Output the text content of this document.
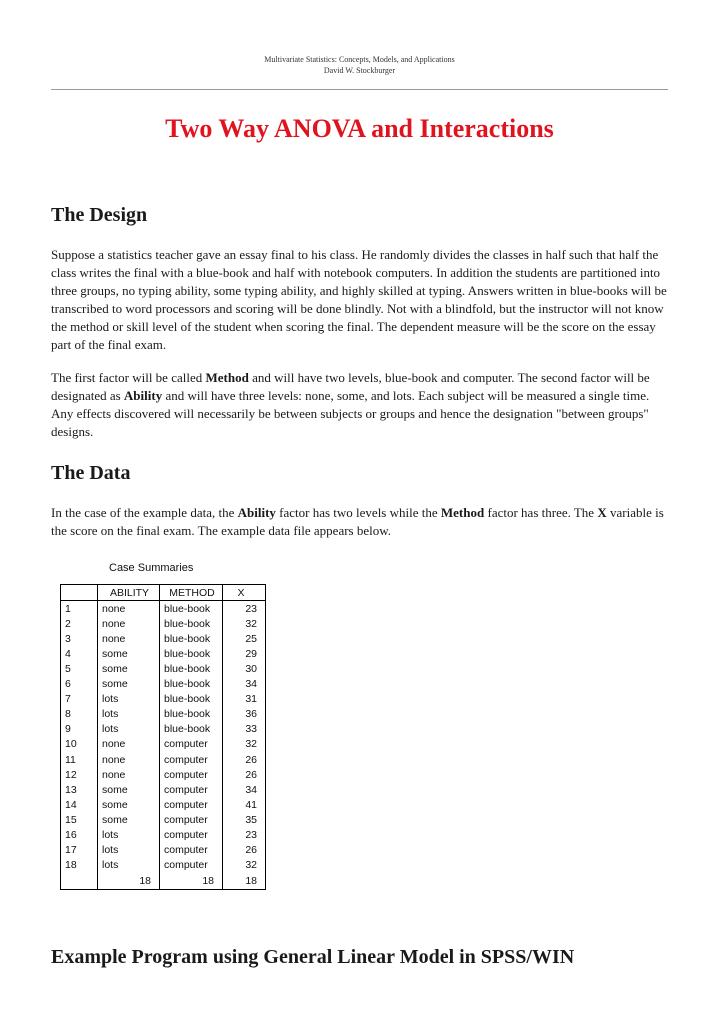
Multivariate Statistics: Concepts, Models, and Applications
David W. Stockburger
Two Way ANOVA and Interactions
The Design

Suppose a statistics teacher gave an essay final to his class. He randomly divides the classes in half such that half the class writes the final with a blue-book and half with notebook computers. In addition the students are partitioned into three groups, no typing ability, some typing ability, and highly skilled at typing. Answers written in blue-books will be transcribed to word processors and scoring will be done blindly. Not with a blindfold, but the instructor will not know the method or skill level of the student when scoring the final. The dependent measure will be the score on the essay part of the final exam.

The first factor will be called Method and will have two levels, blue-book and computer. The second factor will be designated as Ability and will have three levels: none, some, and lots. Each subject will be measured a single time. Any effects discovered will necessarily be between subjects or groups and hence the designation "between groups" designs.

The Data

In the case of the example data, the Ability factor has two levels while the Method factor has three. The X variable is the score on the final exam. The example data file appears below.

Case Summaries
	ABILITY	METHOD	X
1	none	blue-book	23
2	none	blue-book	32
3	none	blue-book	25
4	some	blue-book	29
5	some	blue-book	30
6	some	blue-book	34
7	lots	blue-book	31
8	lots	blue-book	36
9	lots	blue-book	33
10	none	computer	32
11	none	computer	26
12	none	computer	26
13	some	computer	34
14	some	computer	41
15	some	computer	35
16	lots	computer	23
17	lots	computer	26
18	lots	computer	32
	18	18	18
Example Program using General Linear Model in SPSS/WIN
